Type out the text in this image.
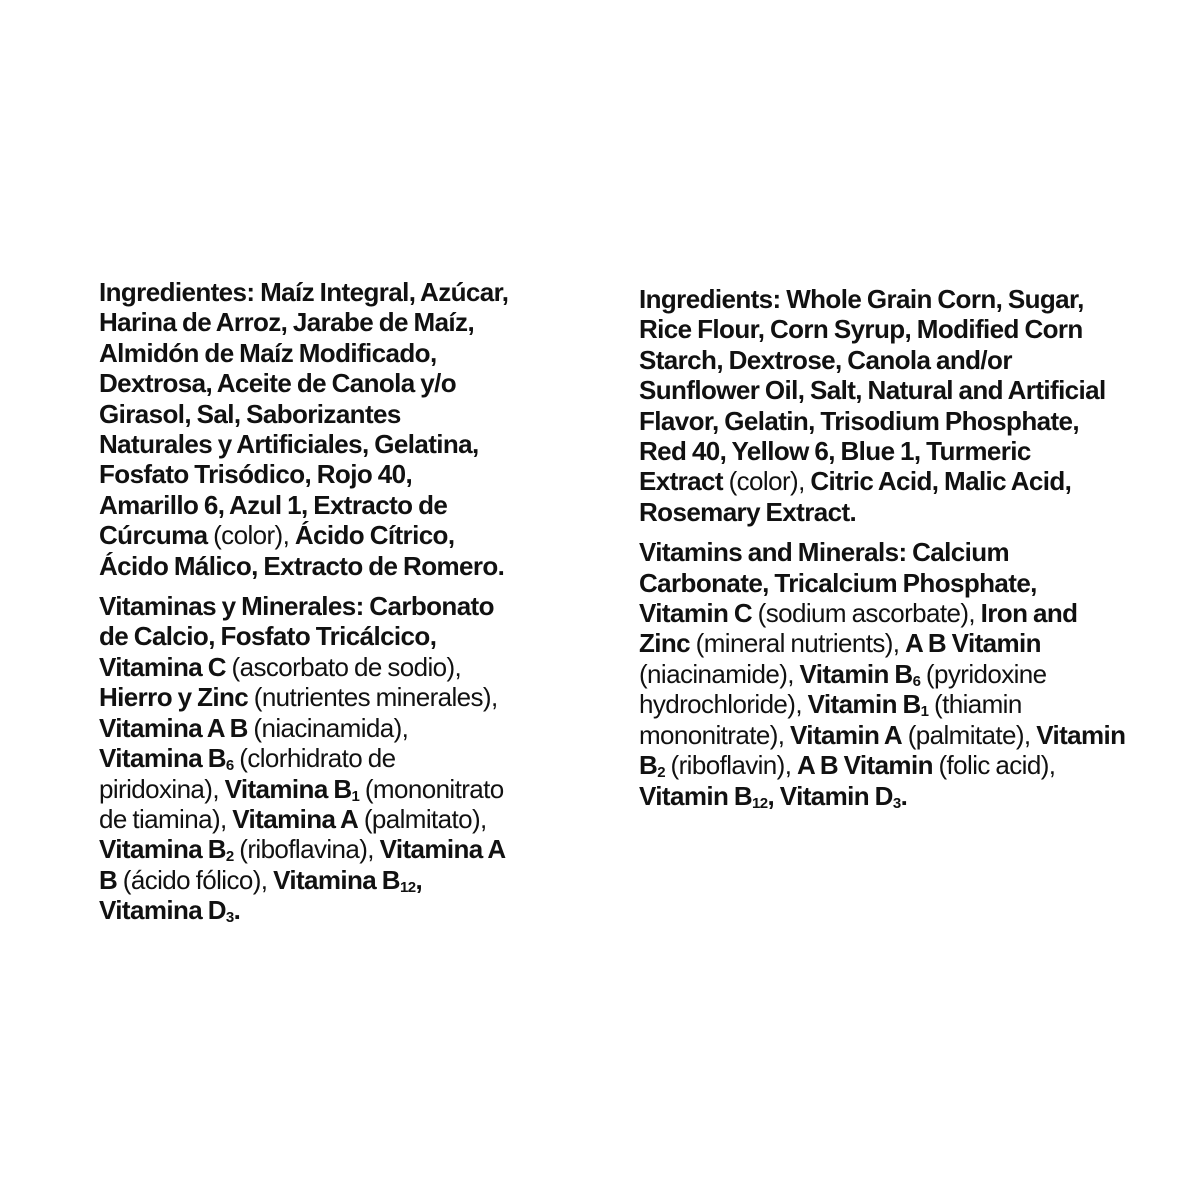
Ingredientes: Maíz Integral, Azúcar,
Harina de Arroz, Jarabe de Maíz,
Almidón de Maíz Modificado,
Dextrosa, Aceite de Canola y/o
Girasol, Sal, Saborizantes
Naturales y Artificiales, Gelatina,
Fosfato Trisódico, Rojo 40,
Amarillo 6, Azul 1, Extracto de
Cúrcuma (color), Ácido Cítrico,
Ácido Málico, Extracto de Romero.
Vitaminas y Minerales: Carbonato
de Calcio, Fosfato Tricálcico,
Vitamina C (ascorbato de sodio),
Hierro y Zinc (nutrientes minerales),
Vitamina A B (niacinamida),
Vitamina $B_6$ (clorhidrato de
piridoxina), Vitamina $B_1$ (mononitrato
de tiamina), Vitamina A (palmitato),
Vitamina $B_2$ (riboflavina), Vitamina A
B (ácido fólico), Vitamina $B_{12}$,
Vitamina $D_3$.
Ingredients: Whole Grain Corn, Sugar,
Rice Flour, Corn Syrup, Modified Corn
Starch, Dextrose, Canola and/or
Sunflower Oil, Salt, Natural and Artificial
Flavor, Gelatin, Trisodium Phosphate,
Red 40, Yellow 6, Blue 1, Turmeric
Extract (color), Citric Acid, Malic Acid,
Rosemary Extract.
Vitamins and Minerals: Calcium
Carbonate, Tricalcium Phosphate,
Vitamin C (sodium ascorbate), Iron and
Zinc (mineral nutrients), A B Vitamin
(niacinamide), Vitamin $B_6$ (pyridoxine
hydrochloride), Vitamin $B_1$ (thiamin
mononitrate), Vitamin A (palmitate), Vitamin
$B_2$ (riboflavin), A B Vitamin (folic acid),
Vitamin $B_{12}$, Vitamin $D_3$.
